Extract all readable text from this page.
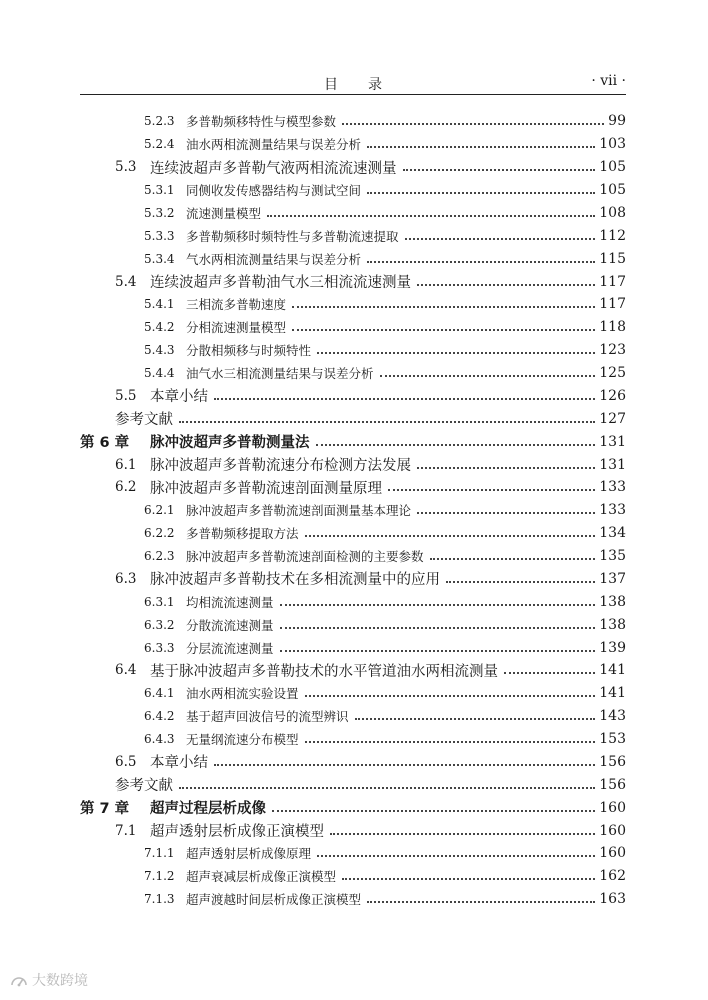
目录	· vii ·
5.2.3 多普勒频移特性与模型参数	99
5.2.4 油水两相流测量结果与误差分析	103
5.3 连续波超声多普勒气液两相流流速测量	105
5.3.1 同侧收发传感器结构与测试空间	105
5.3.2 流速测量模型	108
5.3.3 多普勒频移时频特性与多普勒流速提取	112
5.3.4 气水两相流测量结果与误差分析	115
5.4 连续波超声多普勒油气水三相流流速测量	117
5.4.1 三相流多普勒速度	117
5.4.2 分相流速测量模型	118
5.4.3 分散相频移与时频特性	123
5.4.4 油气水三相流测量结果与误差分析	125
5.5 本章小结	126
参考文献	127
第 6 章	脉冲波超声多普勒测量法	131
6.1 脉冲波超声多普勒流速分布检测方法发展	131
6.2 脉冲波超声多普勒流速剖面测量原理	133
6.2.1 脉冲波超声多普勒流速剖面测量基本理论	133
6.2.2 多普勒频移提取方法	134
6.2.3 脉冲波超声多普勒流速剖面检测的主要参数	135
6.3 脉冲波超声多普勒技术在多相流测量中的应用	137
6.3.1 均相流流速测量	138
6.3.2 分散流流速测量	138
6.3.3 分层流流速测量	139
6.4 基于脉冲波超声多普勒技术的水平管道油水两相流测量	141
6.4.1 油水两相流实验设置	141
6.4.2 基于超声回波信号的流型辨识	143
6.4.3 无量纲流速分布模型	153
6.5 本章小结	156
参考文献	156
第 7 章	超声过程层析成像	160
7.1 超声透射层析成像正演模型	160
7.1.1 超声透射层析成像原理	160
7.1.2 超声衰减层析成像正演模型	162
7.1.3 超声渡越时间层析成像正演模型	163
大数跨境
